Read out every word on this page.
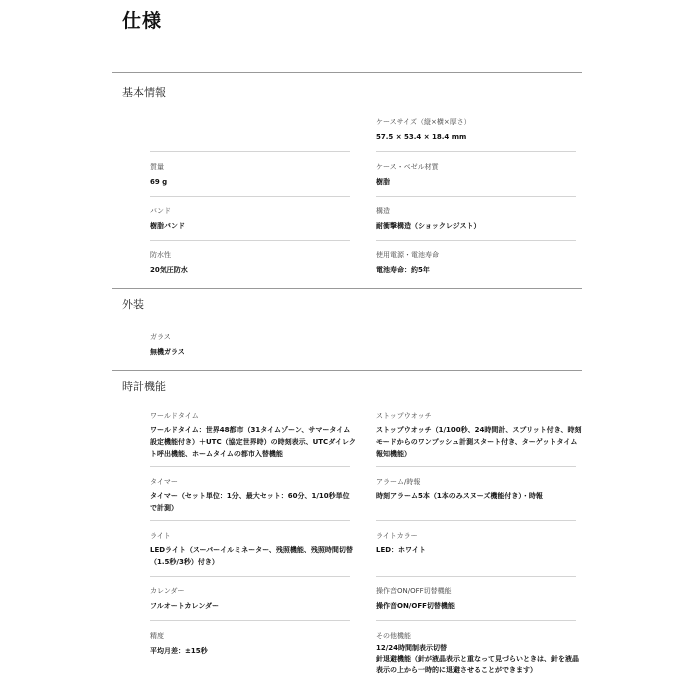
仕様
基本情報
ケースサイズ（縦×横×厚さ）
57.5 × 53.4 × 18.4 mm
質量
69 g
ケース・ベゼル材質
樹脂
バンド
樹脂バンド
構造
耐衝撃構造（ショックレジスト）
防水性
20気圧防水
使用電源・電池寿命
電池寿命：約5年
外装
ガラス
無機ガラス
時計機能
ワールドタイム
ワールドタイム：世界48都市（31タイムゾーン、サマータイム設定機能付き）＋UTC（協定世界時）の時刻表示、UTCダイレクト呼出機能、ホームタイムの都市入替機能
ストップウオッチ
ストップウオッチ（1/100秒、24時間計、スプリット付き、時刻モードからのワンプッシュ計測スタート付き、ターゲットタイム報知機能）
タイマー
タイマー（セット単位：1分、最大セット：60分、1/10秒単位で計測）
アラーム/時報
時刻アラーム5本（1本のみスヌーズ機能付き）・時報
ライト
LEDライト（スーパーイルミネーター、残照機能、残照時間切替（1.5秒/3秒）付き）
ライトカラー
LED：ホワイト
カレンダー
フルオートカレンダー
操作音ON/OFF切替機能
操作音ON/OFF切替機能
精度
平均月差：±15秒
その他機能
12/24時間制表示切替
針退避機能（針が液晶表示と重なって見づらいときは、針を液晶表示の上から一時的に退避させることができます）
